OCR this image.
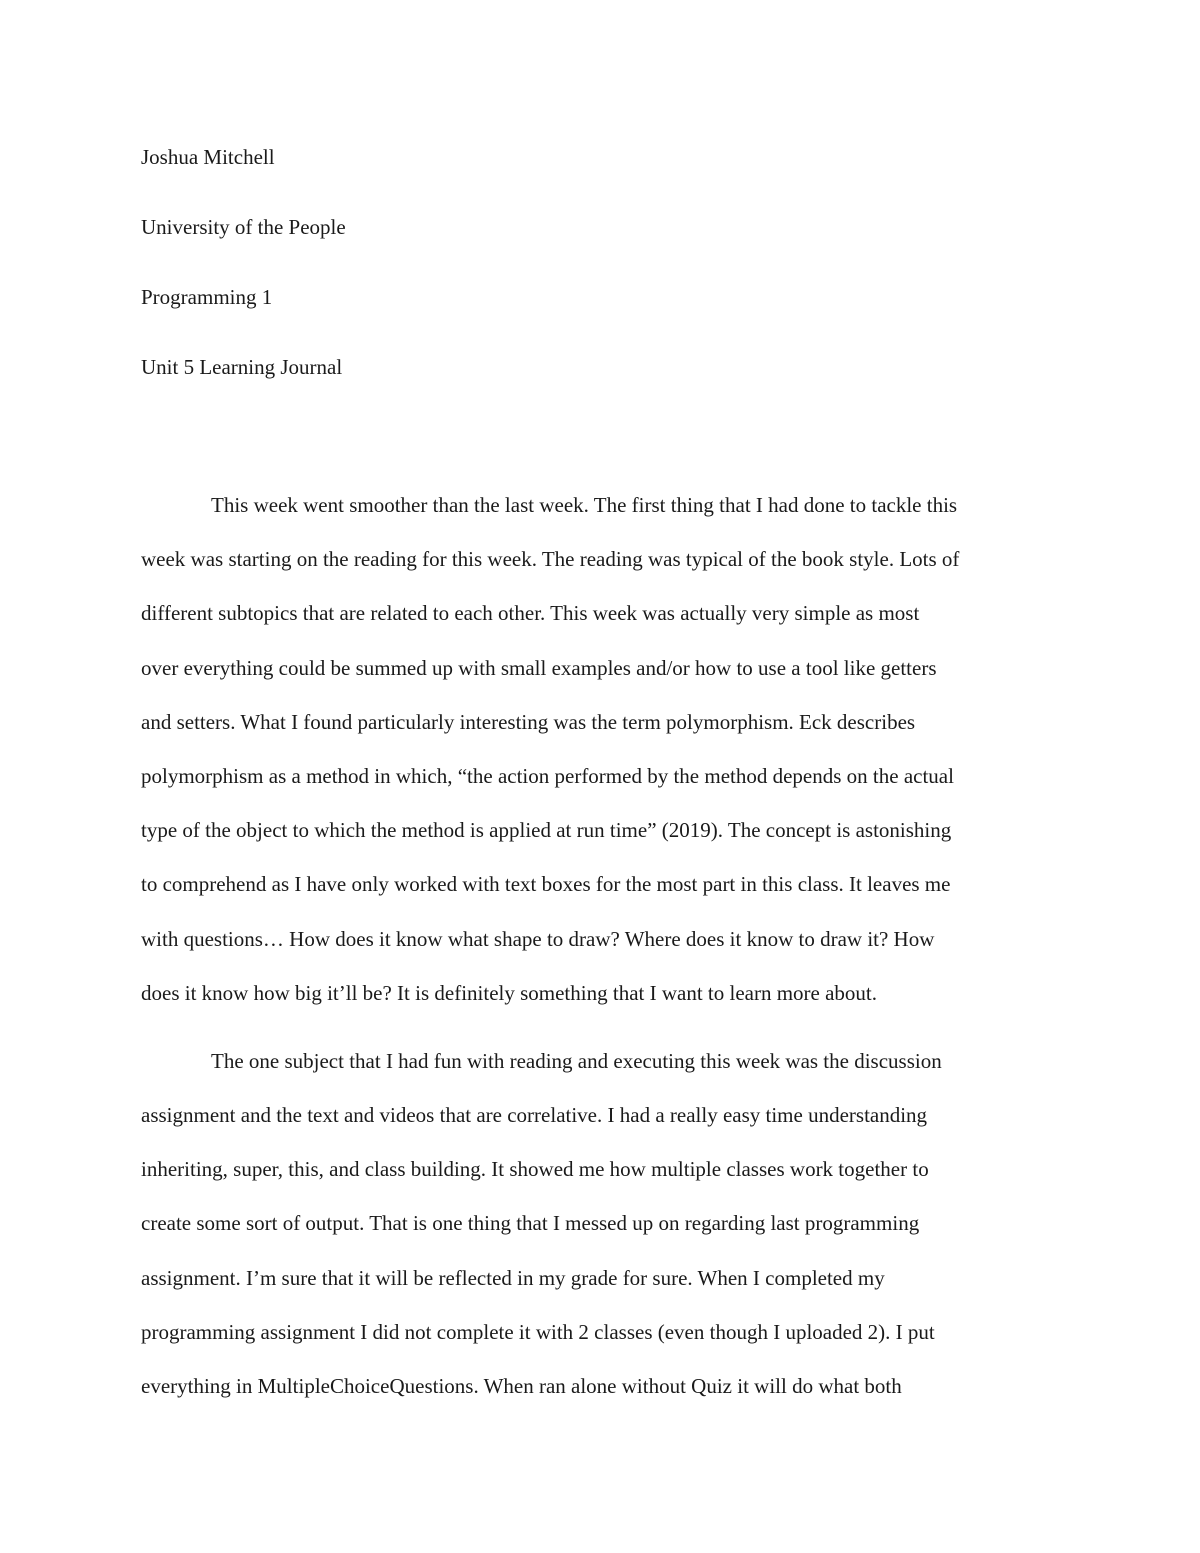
Joshua Mitchell
University of the People
Programming 1
Unit 5 Learning Journal
This week went smoother than the last week. The first thing that I had done to tackle this
week was starting on the reading for this week. The reading was typical of the book style. Lots of
different subtopics that are related to each other. This week was actually very simple as most
over everything could be summed up with small examples and/or how to use a tool like getters
and setters. What I found particularly interesting was the term polymorphism. Eck describes
polymorphism as a method in which, “the action performed by the method depends on the actual
type of the object to which the method is applied at run time” (2019). The concept is astonishing
to comprehend as I have only worked with text boxes for the most part in this class. It leaves me
with questions… How does it know what shape to draw? Where does it know to draw it? How
does it know how big it’ll be? It is definitely something that I want to learn more about.
The one subject that I had fun with reading and executing this week was the discussion
assignment and the text and videos that are correlative. I had a really easy time understanding
inheriting, super, this, and class building. It showed me how multiple classes work together to
create some sort of output. That is one thing that I messed up on regarding last programming
assignment. I’m sure that it will be reflected in my grade for sure. When I completed my
programming assignment I did not complete it with 2 classes (even though I uploaded 2). I put
everything in MultipleChoiceQuestions. When ran alone without Quiz it will do what both
